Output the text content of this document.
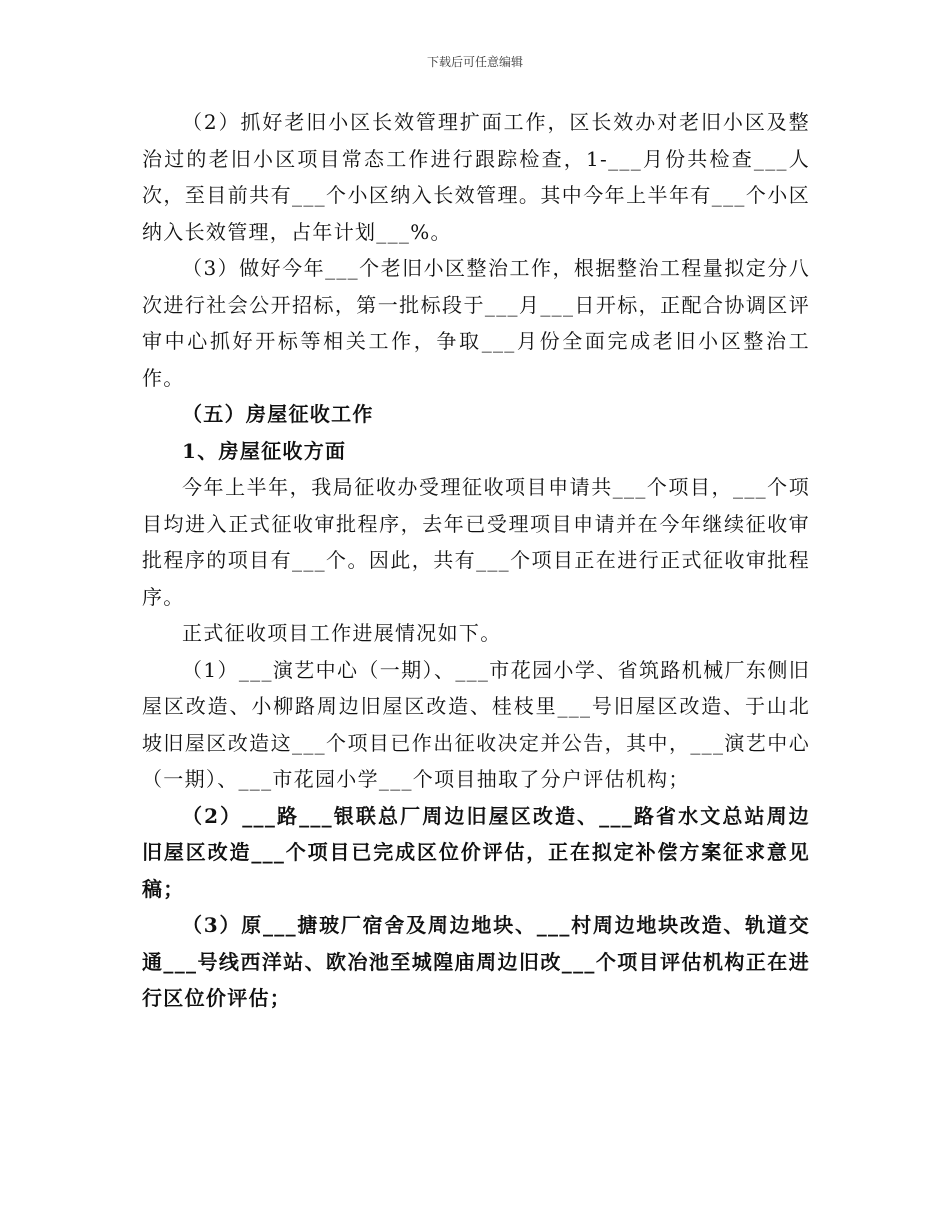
下载后可任意编辑

（2）抓好老旧小区长效管理扩面工作，区长效办对老旧小区及整治过的老旧小区项目常态工作进行跟踪检查，1-___月份共检查___人次，至目前共有___个小区纳入长效管理。其中今年上半年有___个小区纳入长效管理，占年计划___%。

（3）做好今年___个老旧小区整治工作，根据整治工程量拟定分八次进行社会公开招标，第一批标段于___月___日开标，正配合协调区评审中心抓好开标等相关工作，争取___月份全面完成老旧小区整治工作。

（五）房屋征收工作
1、房屋征收方面

今年上半年，我局征收办受理征收项目申请共___个项目，___个项目均进入正式征收审批程序，去年已受理项目申请并在今年继续征收审批程序的项目有___个。因此，共有___个项目正在进行正式征收审批程序。

正式征收项目工作进展情况如下。

（1）___演艺中心（一期）、___市花园小学、省筑路机械厂东侧旧屋区改造、小柳路周边旧屋区改造、桂枝里___号旧屋区改造、于山北坡旧屋区改造这___个项目已作出征收决定并公告，其中，___演艺中心（一期）、___市花园小学___个项目抽取了分户评估机构；

（2）___路___银联总厂周边旧屋区改造、___路省水文总站周边旧屋区改造___个项目已完成区位价评估，正在拟定补偿方案征求意见稿；

（3）原___搪玻厂宿舍及周边地块、___村周边地块改造、轨道交通___号线西洋站、欧冶池至城隍庙周边旧改___个项目评估机构正在进行区位价评估；
